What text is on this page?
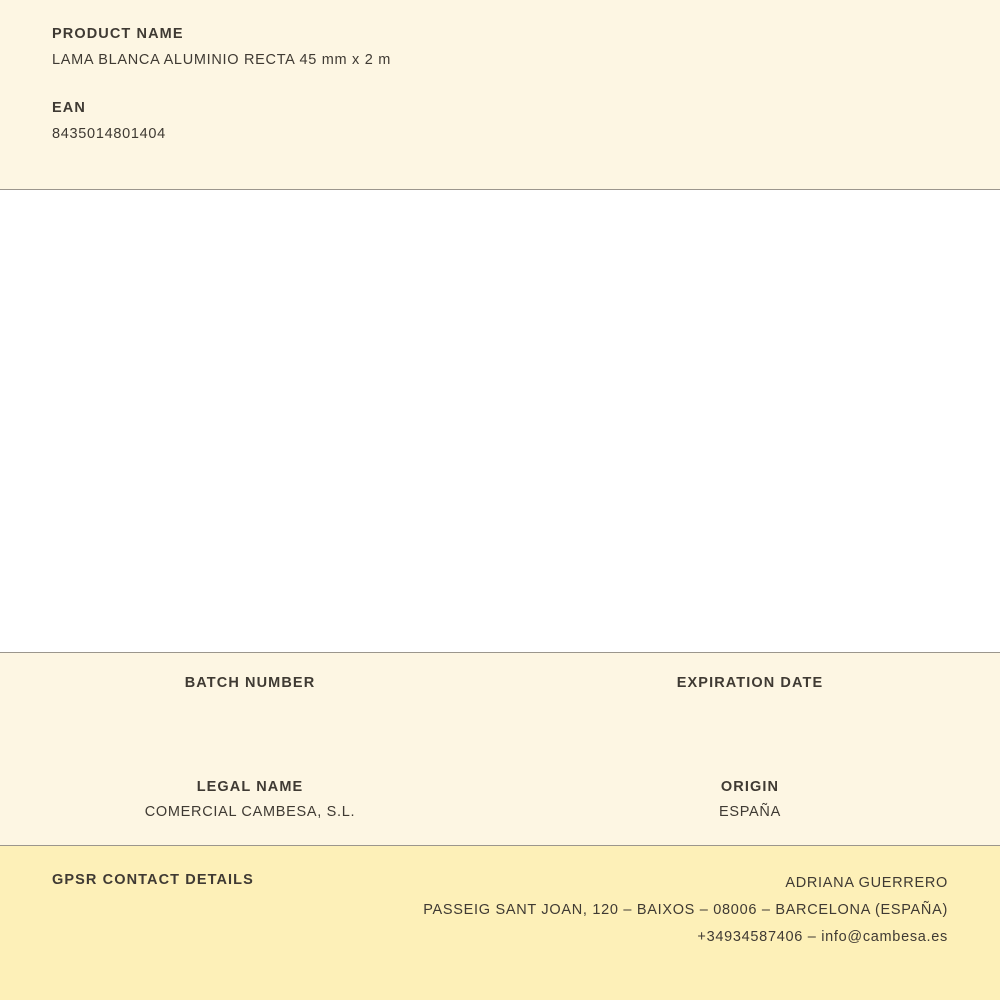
PRODUCT NAME
LAMA BLANCA ALUMINIO RECTA 45 mm x 2 m
EAN
8435014801404
BATCH NUMBER	EXPIRATION DATE
LEGAL NAME
COMERCIAL CAMBESA, S.L.
ORIGIN
ESPAÑA
GPSR CONTACT DETAILS	ADRIANA GUERRERO
PASSEIG SANT JOAN, 120 – BAIXOS – 08006 – BARCELONA (ESPAÑA)
+34934587406 – info@cambesa.es
